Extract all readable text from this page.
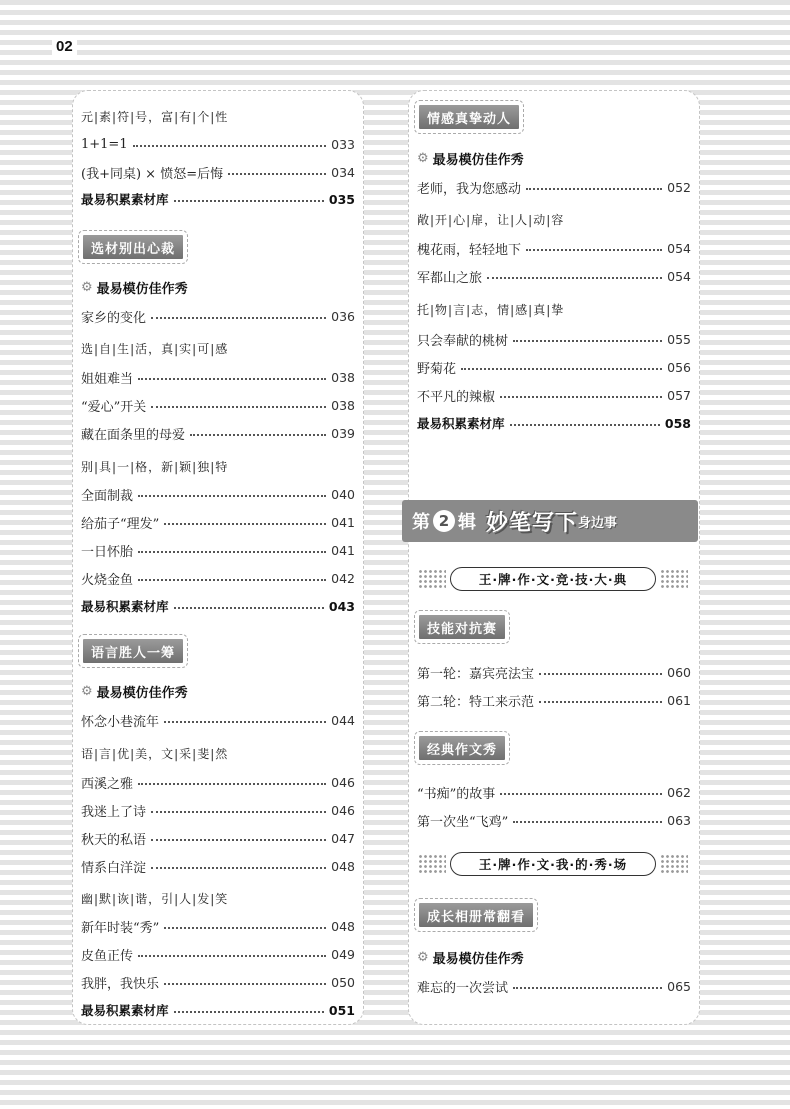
02
元|素|符|号，富|有|个|性
1+1=1	033
(我+同桌) × 愤怒=后悔	034
最易积累素材库	035
选材别出心裁
⚙ 最易模仿佳作秀
家乡的变化	036
选|自|生|活，真|实|可|感
姐姐难当	038
“爱心”开关	038
藏在面条里的母爱	039
别|具|一|格，新|颖|独|特
全面制裁	040
给茄子“理发”	041
一日怀胎	041
火烧金鱼	042
最易积累素材库	043
语言胜人一筹
⚙ 最易模仿佳作秀
怀念小巷流年	044
语|言|优|美，文|采|斐|然
西溪之雅	046
我迷上了诗	046
秋天的私语	047
情系白洋淀	048
幽|默|诙|谐，引|人|发|笑
新年时装“秀”	048
皮鱼正传	049
我胖，我快乐	050
最易积累素材库	051
情感真挚动人
⚙ 最易模仿佳作秀
老师，我为您感动	052
敞|开|心|扉，让|人|动|容
槐花雨，轻轻地下	054
军都山之旅	054
托|物|言|志，情|感|真|挚
只会奉献的桃树	055
野菊花	056
不平凡的辣椒	057
最易积累素材库	058
技能对抗赛
第一轮：嘉宾亮法宝	060
第二轮：特工来示范	061
经典作文秀
“书痴”的故事	062
第一次坐“飞鸡”	063
成长相册常翻看
⚙ 最易模仿佳作秀
难忘的一次尝试	065
第 2 辑 妙笔写下 身边事
王·牌·作·文·竞·技·大·典
王·牌·作·文·我·的·秀·场
